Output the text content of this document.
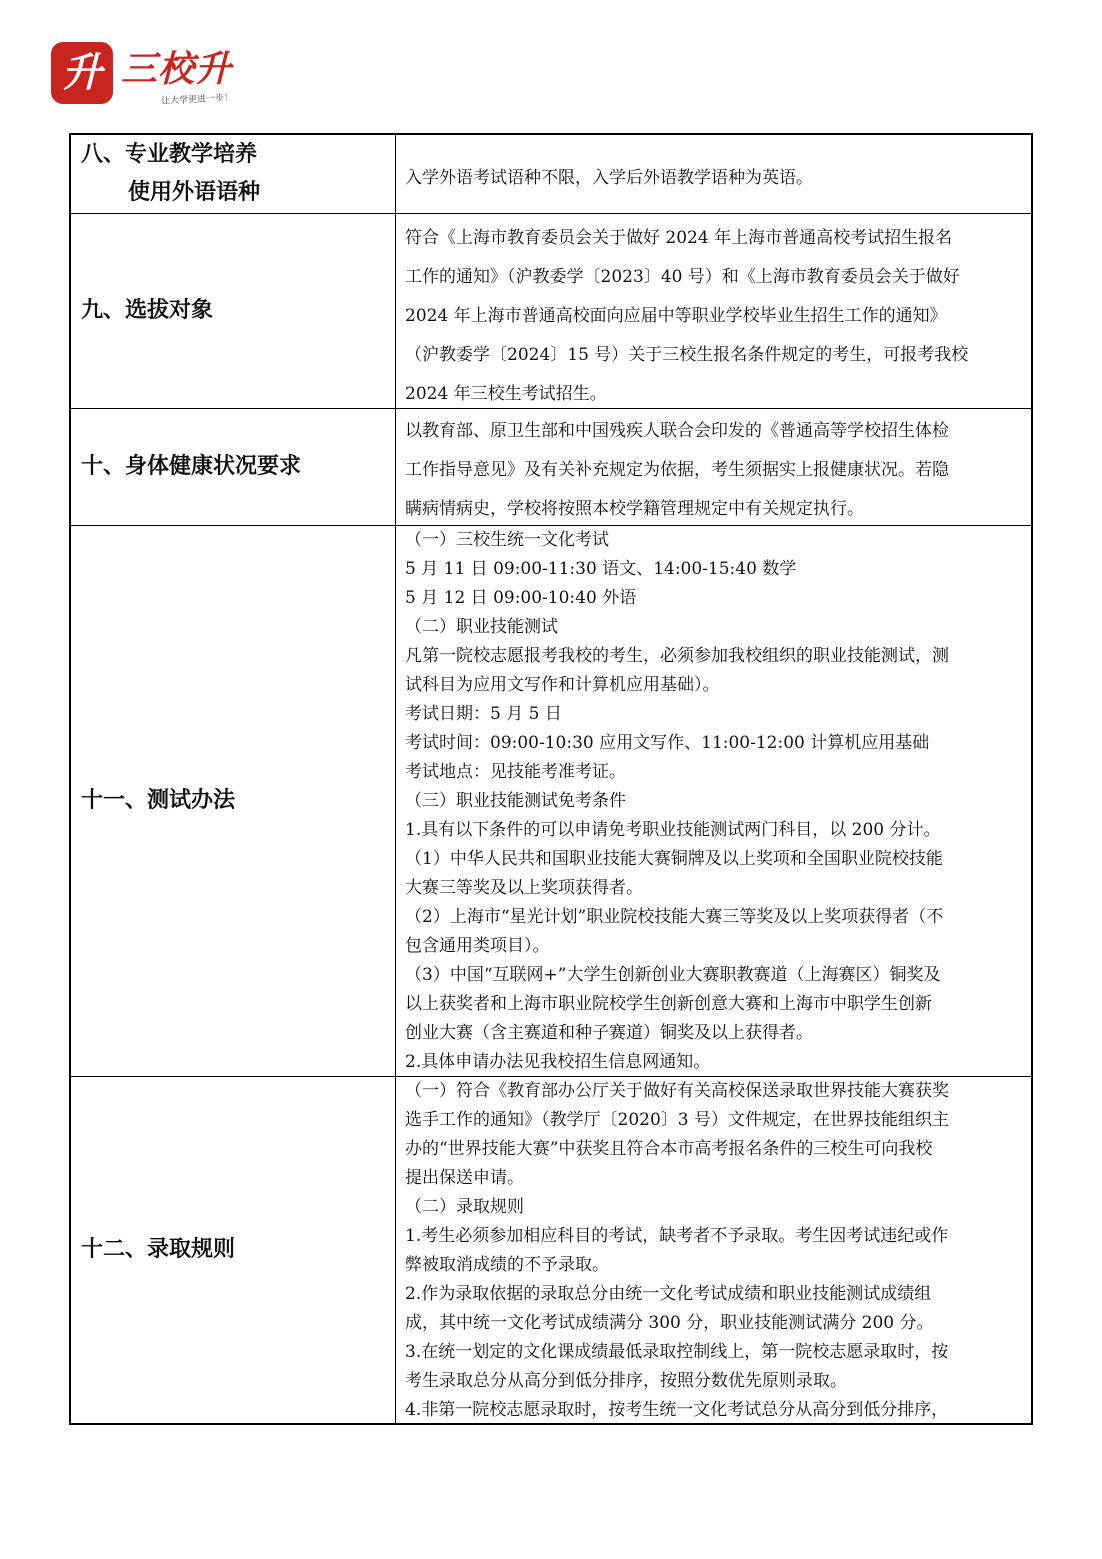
升 三校升
让大学更进一步！
八、专业教学培养
使用外语语种

入学外语考试语种不限，入学后外语教学语种为英语。

九、选拔对象

符合《上海市教育委员会关于做好 2024 年上海市普通高校考试招生报名

工作的通知》（沪教委学〔2023〕40 号）和《上海市教育委员会关于做好

2024 年上海市普通高校面向应届中等职业学校毕业生招生工作的通知》

（沪教委学〔2024〕15 号）关于三校生报名条件规定的考生，可报考我校

2024 年三校生考试招生。

十、身体健康状况要求

以教育部、原卫生部和中国残疾人联合会印发的《普通高等学校招生体检

工作指导意见》及有关补充规定为依据，考生须据实上报健康状况。若隐

瞒病情病史，学校将按照本校学籍管理规定中有关规定执行。

十一、测试办法

（一）三校生统一文化考试

5 月 11 日 09:00-11:30 语文、14:00-15:40 数学

5 月 12 日 09:00-10:40 外语

（二）职业技能测试

凡第一院校志愿报考我校的考生，必须参加我校组织的职业技能测试，测

试科目为应用文写作和计算机应用基础）。

考试日期：5 月 5 日

考试时间：09:00-10:30 应用文写作、11:00-12:00 计算机应用基础

考试地点：见技能考准考证。

（三）职业技能测试免考条件

1.具有以下条件的可以申请免考职业技能测试两门科目，以 200 分计。

（1）中华人民共和国职业技能大赛铜牌及以上奖项和全国职业院校技能

大赛三等奖及以上奖项获得者。

（2）上海市“星光计划”职业院校技能大赛三等奖及以上奖项获得者（不

包含通用类项目）。

（3）中国“互联网+”大学生创新创业大赛职教赛道（上海赛区）铜奖及

以上获奖者和上海市职业院校学生创新创意大赛和上海市中职学生创新

创业大赛（含主赛道和种子赛道）铜奖及以上获得者。

2.具体申请办法见我校招生信息网通知。

十二、录取规则

（一）符合《教育部办公厅关于做好有关高校保送录取世界技能大赛获奖

选手工作的通知》（教学厅〔2020〕3 号）文件规定，在世界技能组织主

办的“世界技能大赛”中获奖且符合本市高考报名条件的三校生可向我校

提出保送申请。

（二）录取规则

1.考生必须参加相应科目的考试，缺考者不予录取。考生因考试违纪或作

弊被取消成绩的不予录取。

2.作为录取依据的录取总分由统一文化考试成绩和职业技能测试成绩组

成，其中统一文化考试成绩满分 300 分，职业技能测试满分 200 分。

3.在统一划定的文化课成绩最低录取控制线上，第一院校志愿录取时，按

考生录取总分从高分到低分排序，按照分数优先原则录取。

4.非第一院校志愿录取时，按考生统一文化考试总分从高分到低分排序，
